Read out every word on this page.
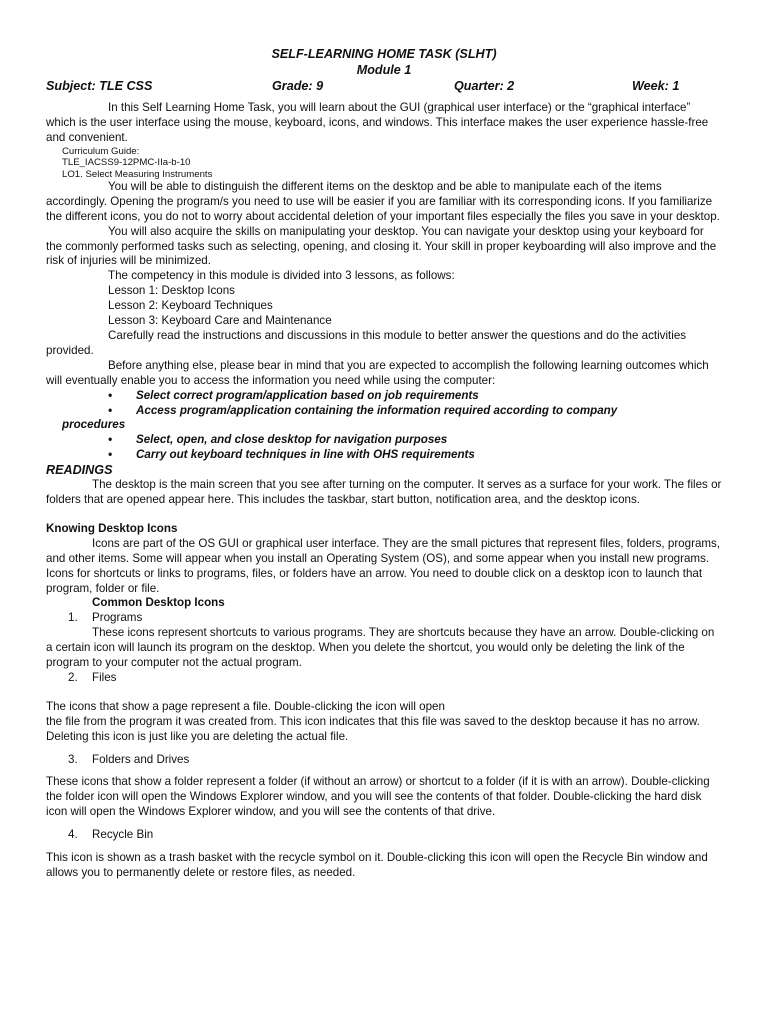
SELF-LEARNING HOME TASK (SLHT)
Module 1
Subject: TLE CSS	Grade: 9	Quarter: 2	Week: 1

In this Self Learning Home Task, you will learn about the GUI (graphical user interface) or the “graphical interface” which is the user interface using the mouse, keyboard, icons, and windows. This interface makes the user experience hassle-free and convenient.

Curriculum Guide:
TLE_IACSS9-12PMC-IIa-b-10
LO1. Select Measuring Instruments

You will be able to distinguish the different items on the desktop and be able to manipulate each of the items accordingly. Opening the program/s you need to use will be easier if you are familiar with its corresponding icons. If you familiarize the different icons, you do not to worry about accidental deletion of your important files especially the files you save in your desktop.

You will also acquire the skills on manipulating your desktop. You can navigate your desktop using your keyboard for the commonly performed tasks such as selecting, opening, and closing it. Your skill in proper keyboarding will also improve and the risk of injuries will be minimized.

The competency in this module is divided into 3 lessons, as follows:

Lesson 1: Desktop Icons
Lesson 2: Keyboard Techniques
Lesson 3: Keyboard Care and Maintenance

Carefully read the instructions and discussions in this module to better answer the questions and do the activities provided.

Before anything else, please bear in mind that you are expected to accomplish the following learning outcomes which will eventually enable you to access the information you need while using the computer:

•	Select correct program/application based on job requirements
•	Access program/application containing the information required according to company
procedures
•	Select, open, and close desktop for navigation purposes
•	Carry out keyboard techniques in line with OHS requirements
READINGS

The desktop is the main screen that you see after turning on the computer. It serves as a surface for your work. The files or folders that are opened appear here. This includes the taskbar, start button, notification area, and the desktop icons.

Knowing Desktop Icons

Icons are part of the OS GUI or graphical user interface. They are the small pictures that represent files, folders, programs, and other items. Some will appear when you install an Operating System (OS), and some appear when you install new programs. Icons for shortcuts or links to programs, files, or folders have an arrow. You need to double click on a desktop icon to launch that program, folder or file.

Common Desktop Icons
1.	Programs

These icons represent shortcuts to various programs. They are shortcuts because they have an arrow. Double-clicking on a certain icon will launch its program on the desktop. When you delete the shortcut, you would only be deleting the link of the program to your computer not the actual program.

2.	Files

The icons that show a page represent a file. Double-clicking the icon will open

the file from the program it was created from. This icon indicates that this file was saved to the desktop because it has no arrow. Deleting this icon is just like you are deleting the actual file.

3.	Folders and Drives

These icons that show a folder represent a folder (if without an arrow) or shortcut to a folder (if it is with an arrow). Double-clicking the folder icon will open the Windows Explorer window, and you will see the contents of that folder. Double-clicking the hard disk icon will open the Windows Explorer window, and you will see the contents of that drive.

4.	Recycle Bin

This icon is shown as a trash basket with the recycle symbol on it. Double-clicking this icon will open the Recycle Bin window and allows you to permanently delete or restore files, as needed.
